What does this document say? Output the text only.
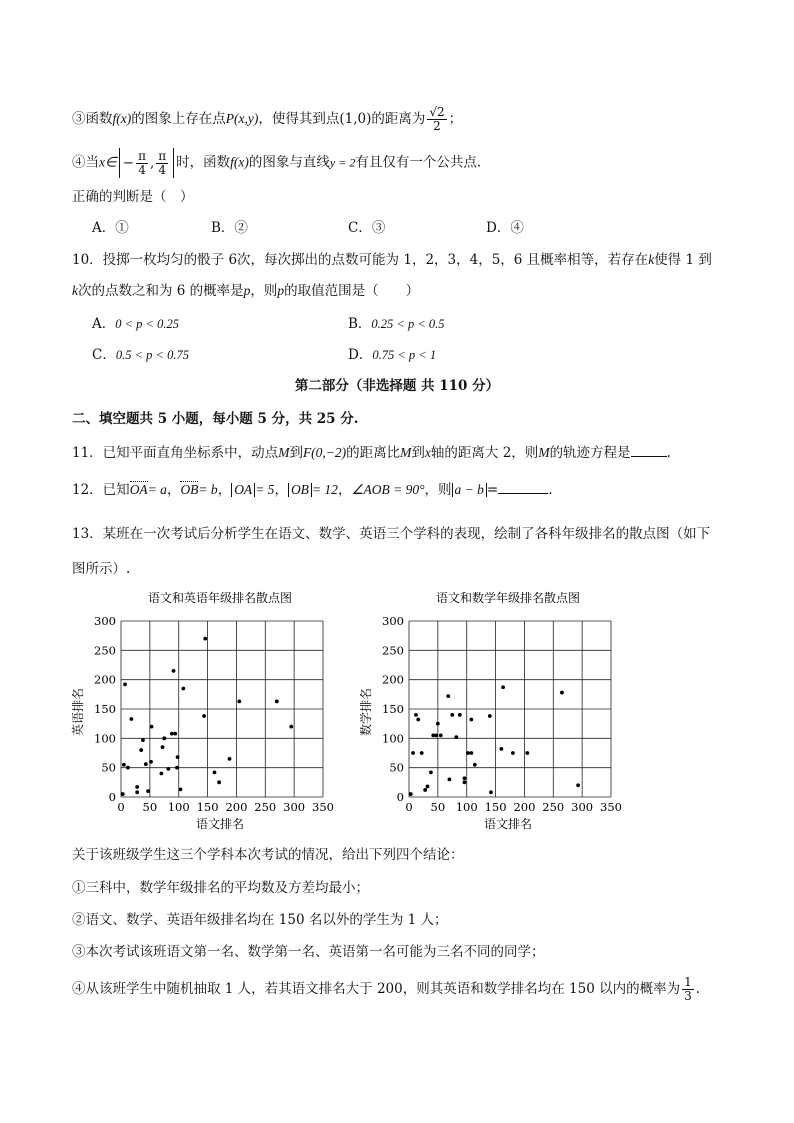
③函数f(x)的图象上存在点P(x,y)，使得其到点(1,0)的距离为 $\frac{√2}{2}$ ；
④当x∈ − $\frac{\pi}{4}$ , $\frac{\pi}{4}$ 时，函数f(x)的图象与直线y = 2有且仅有一个公共点．
正确的判断是（　）
A．①	B．②	C．③	D．④
10．投掷一枚均匀的骰子 6次，每次掷出的点数可能为 1，2，3，4，5，6 且概率相等，若存在k使得 1 到
k次的点数之和为 6 的概率是p，则p的取值范围是（　　）
A．0 < p < 0.25	B．0.25 < p < 0.5
C．0.5 < p < 0.75	D．0.75 < p < 1
第二部分（非选择题 共 110 分）
二、填空题共 5 小题，每小题 5 分，共 25 分.
11．已知平面直角坐标系中，动点M到F(0,−2)的距离比M到x轴的距离大 2，则M的轨迹方程是	.
12．已知OA= a，OB= b， OA = 5， OB = 12，∠AOB = 90°，则 a − b =	.
13．某班在一次考试后分析学生在语文、数学、英语三个学科的表现，绘制了各科年级排名的散点图（如下
图所示）.
语文和英语年级排名散点图
0 50 100 150 200 250 300 350
0
50
100
150
200
250
300
语文排名
英语排名
语文和数学年级排名散点图
0 50 100 150 200 250 300 350
0
50
100
150
200
250
300
语文排名
数学排名
关于该班级学生这三个学科本次考试的情况，给出下列四个结论：
①三科中，数学年级排名的平均数及方差均最小；
②语文、数学、英语年级排名均在 150 名以外的学生为 1 人；
③本次考试该班语文第一名、数学第一名、英语第一名可能为三名不同的同学；
④从该班学生中随机抽取 1 人，若其语文排名大于 200，则其英语和数学排名均在 150 以内的概率为 $\frac{1}{3}$ .
